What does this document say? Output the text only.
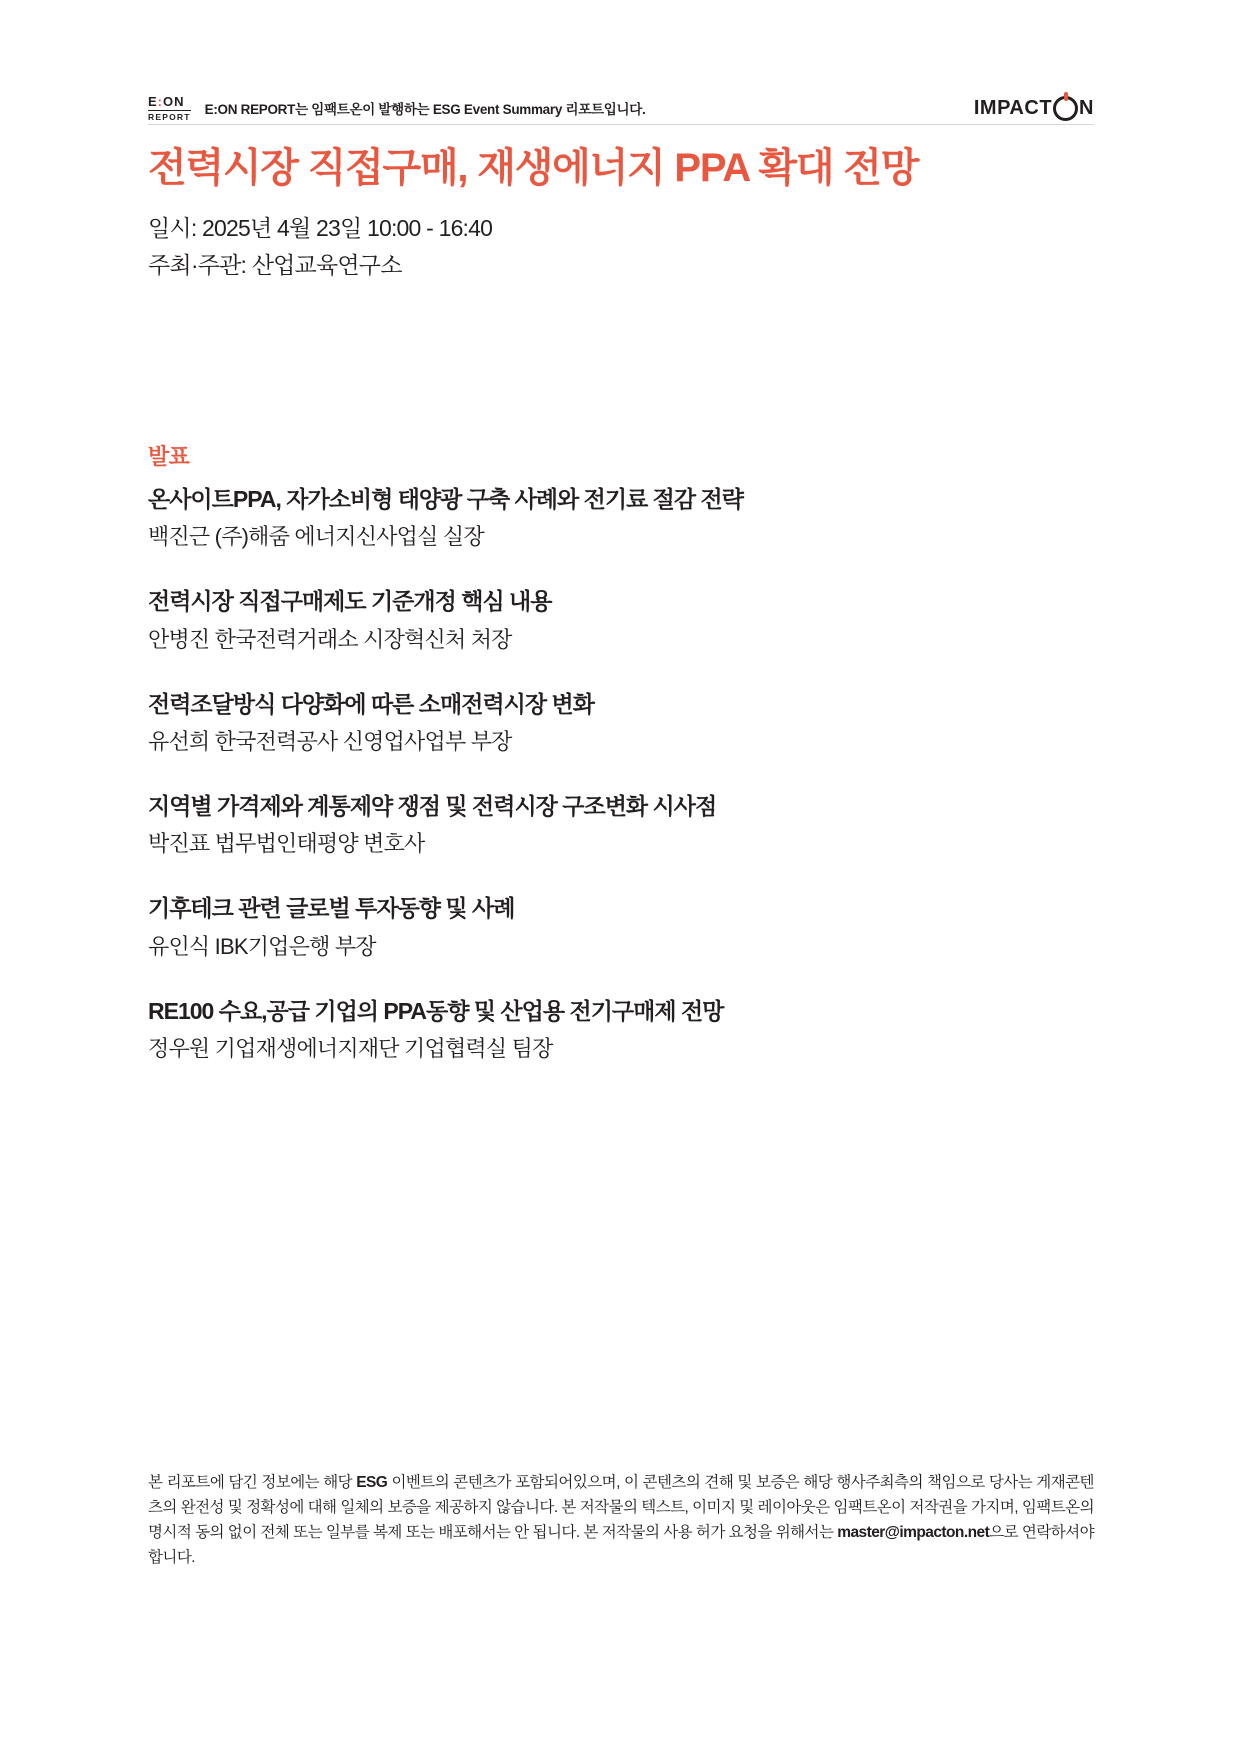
E:ON
REPORT E:ON REPORT는 임팩트온이 발행하는 ESG Event Summary 리포트입니다.	IMPACT N
전력시장 직접구매, 재생에너지 PPA 확대 전망
일시: 2025년 4월 23일 10:00 - 16:40
주최·주관: 산업교육연구소
발표
온사이트PPA, 자가소비형 태양광 구축 사례와 전기료 절감 전략
백진근 (주)해줌 에너지신사업실 실장
전력시장 직접구매제도 기준개정 핵심 내용
안병진 한국전력거래소 시장혁신처 처장
전력조달방식 다양화에 따른 소매전력시장 변화
유선희 한국전력공사 신영업사업부 부장
지역별 가격제와 계통제약 쟁점 및 전력시장 구조변화 시사점
박진표 법무법인태평양 변호사
기후테크 관련 글로벌 투자동향 및 사례
유인식 IBK기업은행 부장
RE100 수요,공급 기업의 PPA동향 및 산업용 전기구매제 전망
정우원 기업재생에너지재단 기업협력실 팀장
본 리포트에 담긴 정보에는 해당 ESG 이벤트의 콘텐츠가 포함되어있으며, 이 콘텐츠의 견해 및 보증은 해당 행사주최측의 책임으로 당사는 게재콘텐츠의 완전성 및 정확성에 대해 일체의 보증을 제공하지 않습니다. 본 저작물의 텍스트, 이미지 및 레이아웃은 임팩트온이 저작권을 가지며, 임팩트온의 명시적 동의 없이 전체 또는 일부를 복제 또는 배포해서는 안 됩니다. 본 저작물의 사용 허가 요청을 위해서는 master@impacton.net으로 연락하셔야 합니다.
